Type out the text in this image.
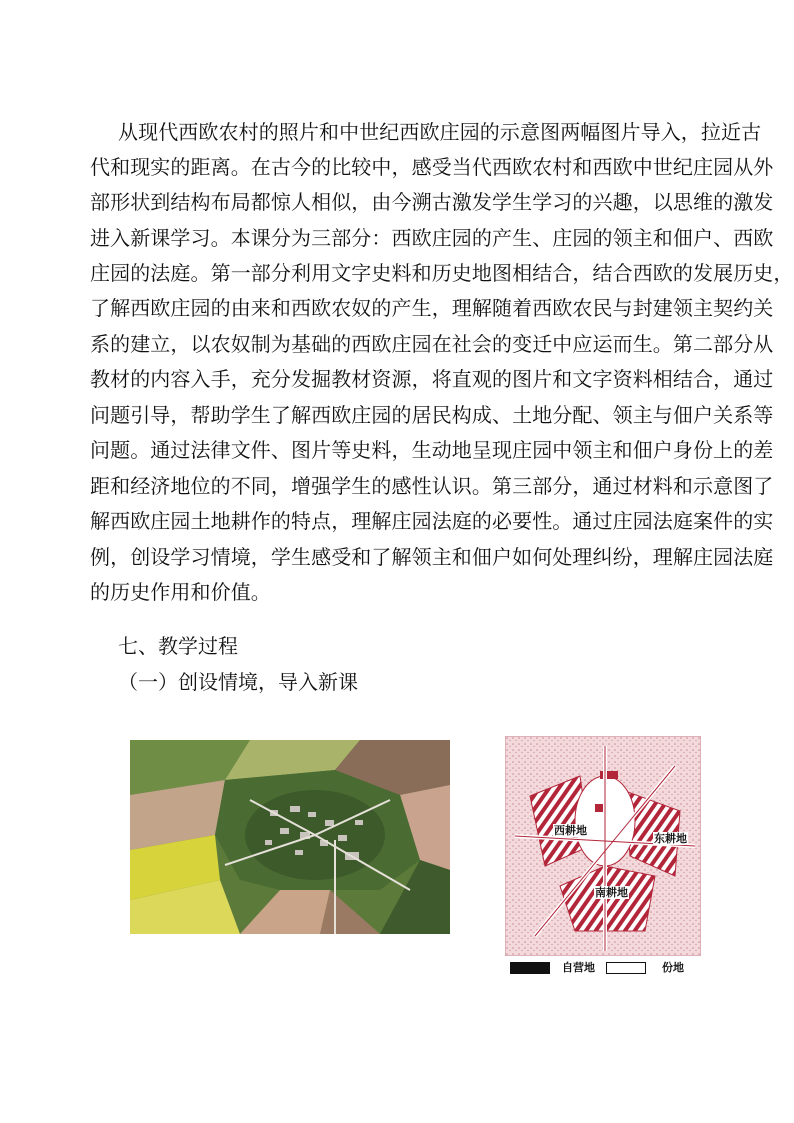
从现代西欧农村的照片和中世纪西欧庄园的示意图两幅图片导入，拉近古
代和现实的距离。在古今的比较中，感受当代西欧农村和西欧中世纪庄园从外
部形状到结构布局都惊人相似，由今溯古激发学生学习的兴趣，以思维的激发
进入新课学习。本课分为三部分：西欧庄园的产生、庄园的领主和佃户、西欧
庄园的法庭。第一部分利用文字史料和历史地图相结合，结合西欧的发展历史，
了解西欧庄园的由来和西欧农奴的产生，理解随着西欧农民与封建领主契约关
系的建立，以农奴制为基础的西欧庄园在社会的变迁中应运而生。第二部分从
教材的内容入手，充分发掘教材资源，将直观的图片和文字资料相结合，通过
问题引导，帮助学生了解西欧庄园的居民构成、土地分配、领主与佃户关系等
问题。通过法律文件、图片等史料，生动地呈现庄园中领主和佃户身份上的差
距和经济地位的不同，增强学生的感性认识。第三部分，通过材料和示意图了
解西欧庄园土地耕作的特点，理解庄园法庭的必要性。通过庄园法庭案件的实
例，创设学习情境，学生感受和了解领主和佃户如何处理纠纷，理解庄园法庭
的历史作用和价值。
七、教学过程
（一）创设情境，导入新课
西耕地
东耕地
南耕地
自营地	份地
